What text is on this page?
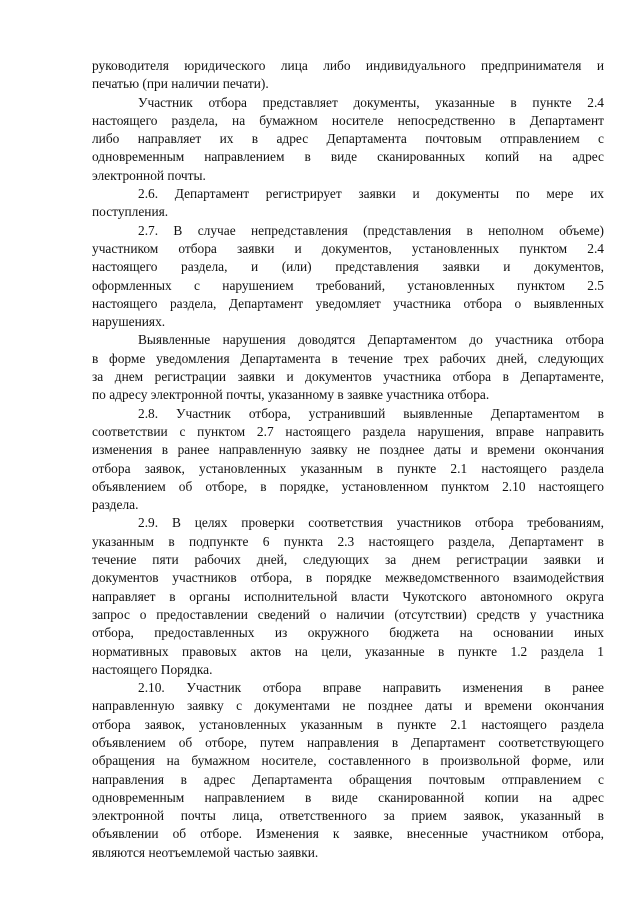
руководителя юридического лица либо индивидуального предпринимателя и
печатью (при наличии печати).

Участник отбора представляет документы, указанные в пункте 2.4
настоящего раздела, на бумажном носителе непосредственно в Департамент
либо направляет их в адрес Департамента почтовым отправлением с
одновременным направлением в виде сканированных копий на адрес
электронной почты.

2.6. Департамент регистрирует заявки и документы по мере их
поступления.

2.7. В случае непредставления (представления в неполном объеме)
участником отбора заявки и документов, установленных пунктом 2.4
настоящего раздела, и (или) представления заявки и документов,
оформленных с нарушением требований, установленных пунктом 2.5
настоящего раздела, Департамент уведомляет участника отбора о выявленных
нарушениях.

Выявленные нарушения доводятся Департаментом до участника отбора
в форме уведомления Департамента в течение трех рабочих дней, следующих
за днем регистрации заявки и документов участника отбора в Департаменте,
по адресу электронной почты, указанному в заявке участника отбора.

2.8. Участник отбора, устранивший выявленные Департаментом в
соответствии с пунктом 2.7 настоящего раздела нарушения, вправе направить
изменения в ранее направленную заявку не позднее даты и времени окончания
отбора заявок, установленных указанным в пункте 2.1 настоящего раздела
объявлением об отборе, в порядке, установленном пунктом 2.10 настоящего
раздела.

2.9. В целях проверки соответствия участников отбора требованиям,
указанным в подпункте 6 пункта 2.3 настоящего раздела, Департамент в
течение пяти рабочих дней, следующих за днем регистрации заявки и
документов участников отбора, в порядке межведомственного взаимодействия
направляет в органы исполнительной власти Чукотского автономного округа
запрос о предоставлении сведений о наличии (отсутствии) средств у участника
отбора, предоставленных из окружного бюджета на основании иных
нормативных правовых актов на цели, указанные в пункте 1.2 раздела 1
настоящего Порядка.

2.10. Участник отбора вправе направить изменения в ранее
направленную заявку с документами не позднее даты и времени окончания
отбора заявок, установленных указанным в пункте 2.1 настоящего раздела
объявлением об отборе, путем направления в Департамент соответствующего
обращения на бумажном носителе, составленного в произвольной форме, или
направления в адрес Департамента обращения почтовым отправлением с
одновременным направлением в виде сканированной копии на адрес
электронной почты лица, ответственного за прием заявок, указанный в
объявлении об отборе. Изменения к заявке, внесенные участником отбора,
являются неотъемлемой частью заявки.
